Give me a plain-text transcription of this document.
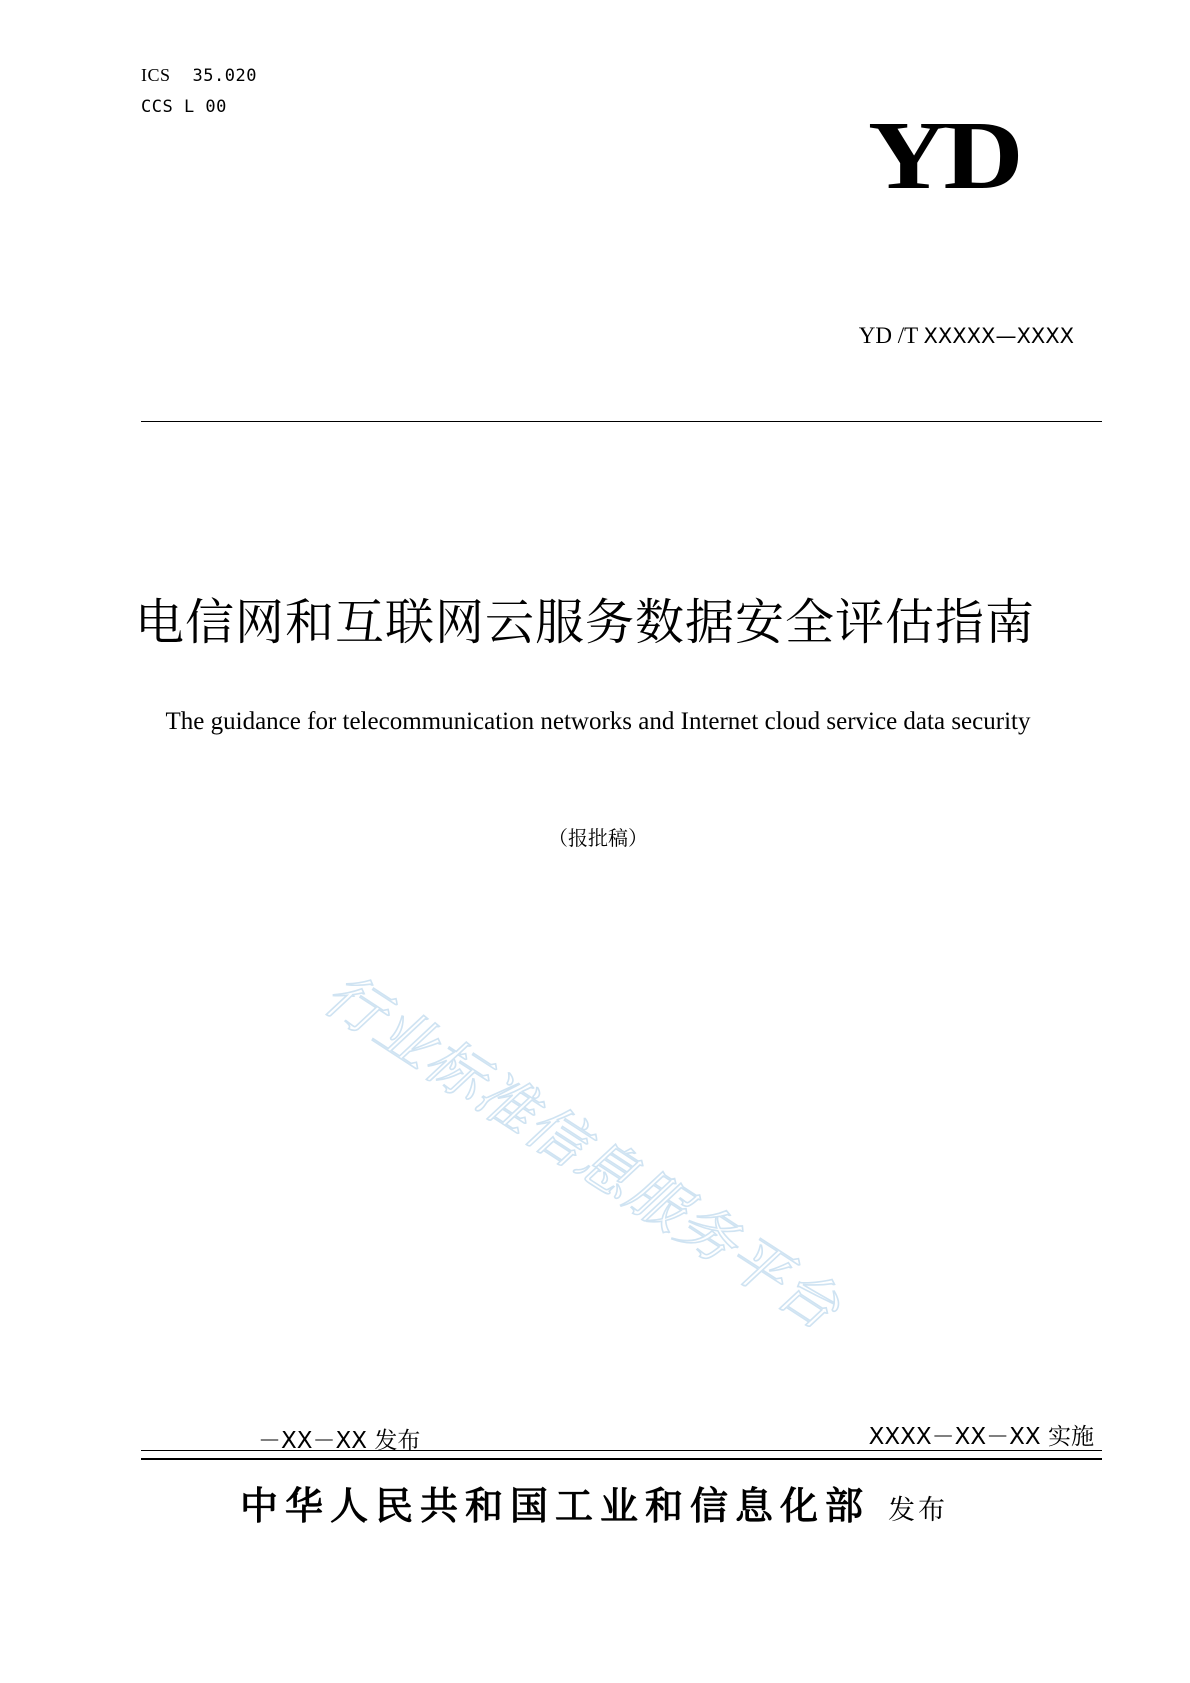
ICS 35.020
CCS L 00	YD
YD /T XXXXX—XXXX
电信网和互联网云服务数据安全评估指南
The guidance for telecommunication networks and Internet cloud service data security
（报批稿）
行业标准信息服务平台
－XX－XX 发布	XXXX－XX－XX 实施
中华人民共和国工业和信息化部 发布
